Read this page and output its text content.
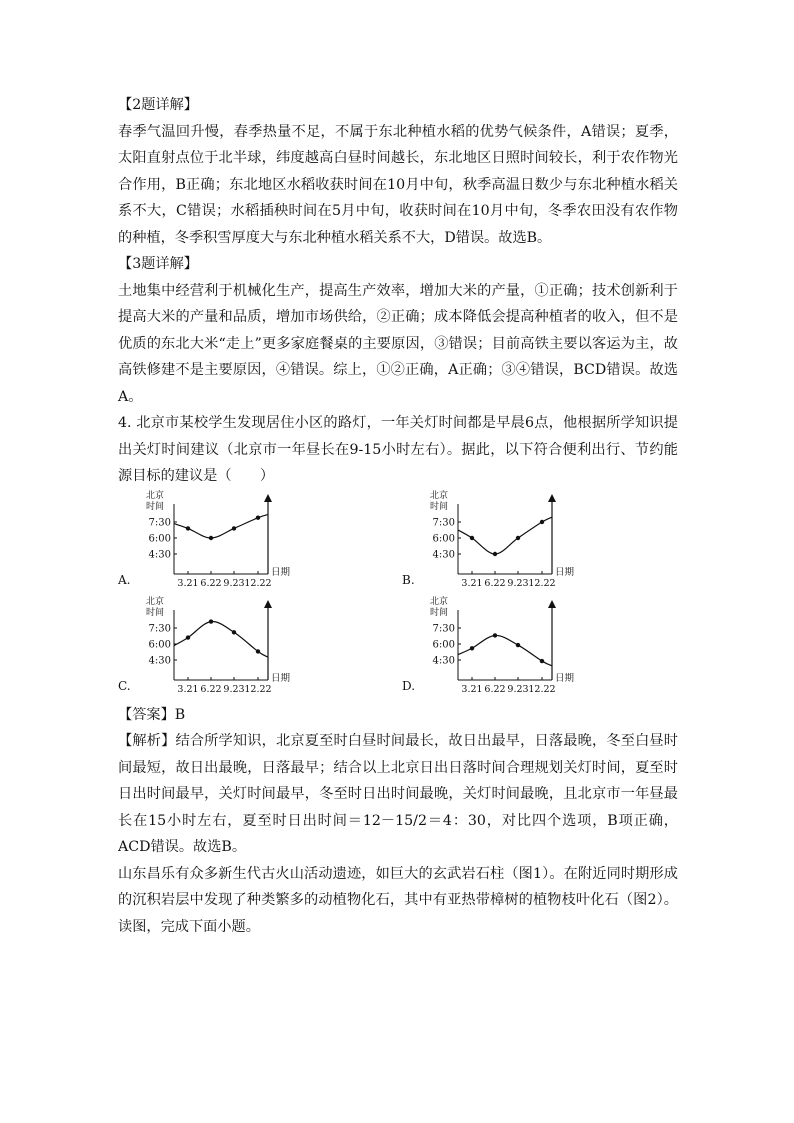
【2题详解】

春季气温回升慢，春季热量不足，不属于东北种植水稻的优势气候条件，A错误；夏季，太阳直射点位于北半球，纬度越高白昼时间越长，东北地区日照时间较长，利于农作物光合作用，B正确；东北地区水稻收获时间在10月中旬，秋季高温日数少与东北种植水稻关系不大，C错误；水稻插秧时间在5月中旬，收获时间在10月中旬，冬季农田没有农作物的种植，冬季积雪厚度大与东北种植水稻关系不大，D错误。故选B。

【3题详解】

土地集中经营利于机械化生产，提高生产效率，增加大米的产量，①正确；技术创新利于提高大米的产量和品质，增加市场供给，②正确；成本降低会提高种植者的收入，但不是优质的东北大米“走上”更多家庭餐桌的主要原因，③错误；目前高铁主要以客运为主，故高铁修建不是主要原因，④错误。综上，①②正确，A正确；③④错误，BCD错误。故选A。

4. 北京市某校学生发现居住小区的路灯，一年关灯时间都是早晨6点，他根据所学知识提出关灯时间建议（北京市一年昼长在9-15小时左右）。据此，以下符合便利出行、节约能源目标的建议是（　　）

A.
北京
时间
7:30
6:00
4:30
3.21 6.22 9.23 12.22
日期
B.
北京
时间
7:30
6:00
4:30
3.21 6.22 9.23 12.22
日期
C.
北京
时间
7:30
6:00
4:30
3.21 6.22 9.23 12.22
日期
D.
北京
时间
7:30
6:00
4:30
3.21 6.22 9.23 12.22
日期

【答案】B

【解析】结合所学知识，北京夏至时白昼时间最长，故日出最早，日落最晚，冬至白昼时间最短，故日出最晚，日落最早；结合以上北京日出日落时间合理规划关灯时间，夏至时日出时间最早，关灯时间最早，冬至时日出时间最晚，关灯时间最晚，且北京市一年昼最长在15小时左右，夏至时日出时间＝12－15/2＝4：30，对比四个选项，B项正确，ACD错误。故选B。

山东昌乐有众多新生代古火山活动遗迹，如巨大的玄武岩石柱（图1）。在附近同时期形成的沉积岩层中发现了种类繁多的动植物化石，其中有亚热带樟树的植物枝叶化石（图2）。读图，完成下面小题。
